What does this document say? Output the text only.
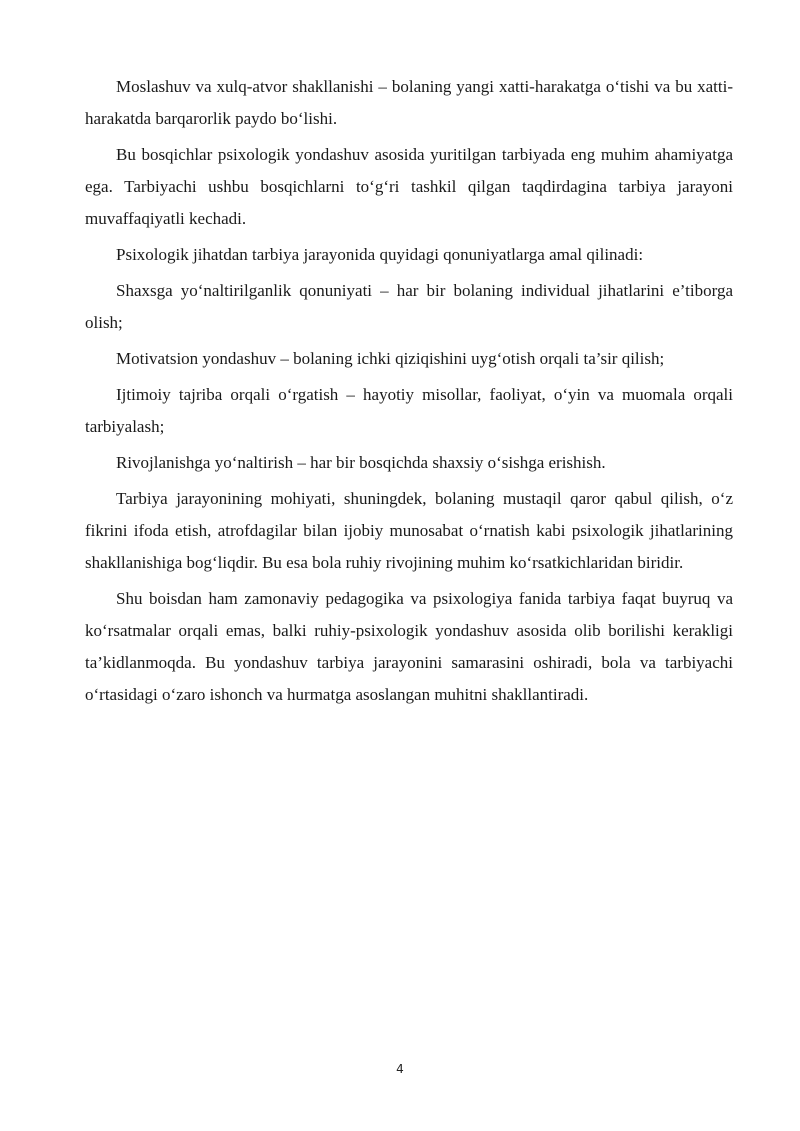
Moslashuv va xulq-atvor shakllanishi – bolaning yangi xatti-harakatga o‘tishi va bu xatti-harakatda barqarorlik paydo bo‘lishi.

Bu bosqichlar psixologik yondashuv asosida yuritilgan tarbiyada eng muhim ahamiyatga ega. Tarbiyachi ushbu bosqichlarni to‘g‘ri tashkil qilgan taqdirdagina tarbiya jarayoni muvaffaqiyatli kechadi.

Psixologik jihatdan tarbiya jarayonida quyidagi qonuniyatlarga amal qilinadi:

Shaxsga yo‘naltirilganlik qonuniyati – har bir bolaning individual jihatlarini e’tiborga olish;

Motivatsion yondashuv – bolaning ichki qiziqishini uyg‘otish orqali ta’sir qilish;

Ijtimoiy tajriba orqali o‘rgatish – hayotiy misollar, faoliyat, o‘yin va muomala orqali tarbiyalash;

Rivojlanishga yo‘naltirish – har bir bosqichda shaxsiy o‘sishga erishish.

Tarbiya jarayonining mohiyati, shuningdek, bolaning mustaqil qaror qabul qilish, o‘z fikrini ifoda etish, atrofdagilar bilan ijobiy munosabat o‘rnatish kabi psixologik jihatlarining shakllanishiga bog‘liqdir. Bu esa bola ruhiy rivojining muhim ko‘rsatkichlaridan biridir.

Shu boisdan ham zamonaviy pedagogika va psixologiya fanida tarbiya faqat buyruq va ko‘rsatmalar orqali emas, balki ruhiy-psixologik yondashuv asosida olib borilishi kerakligi ta’kidlanmoqda. Bu yondashuv tarbiya jarayonini samarasini oshiradi, bola va tarbiyachi o‘rtasidagi o‘zaro ishonch va hurmatga asoslangan muhitni shakllantiradi.

4
